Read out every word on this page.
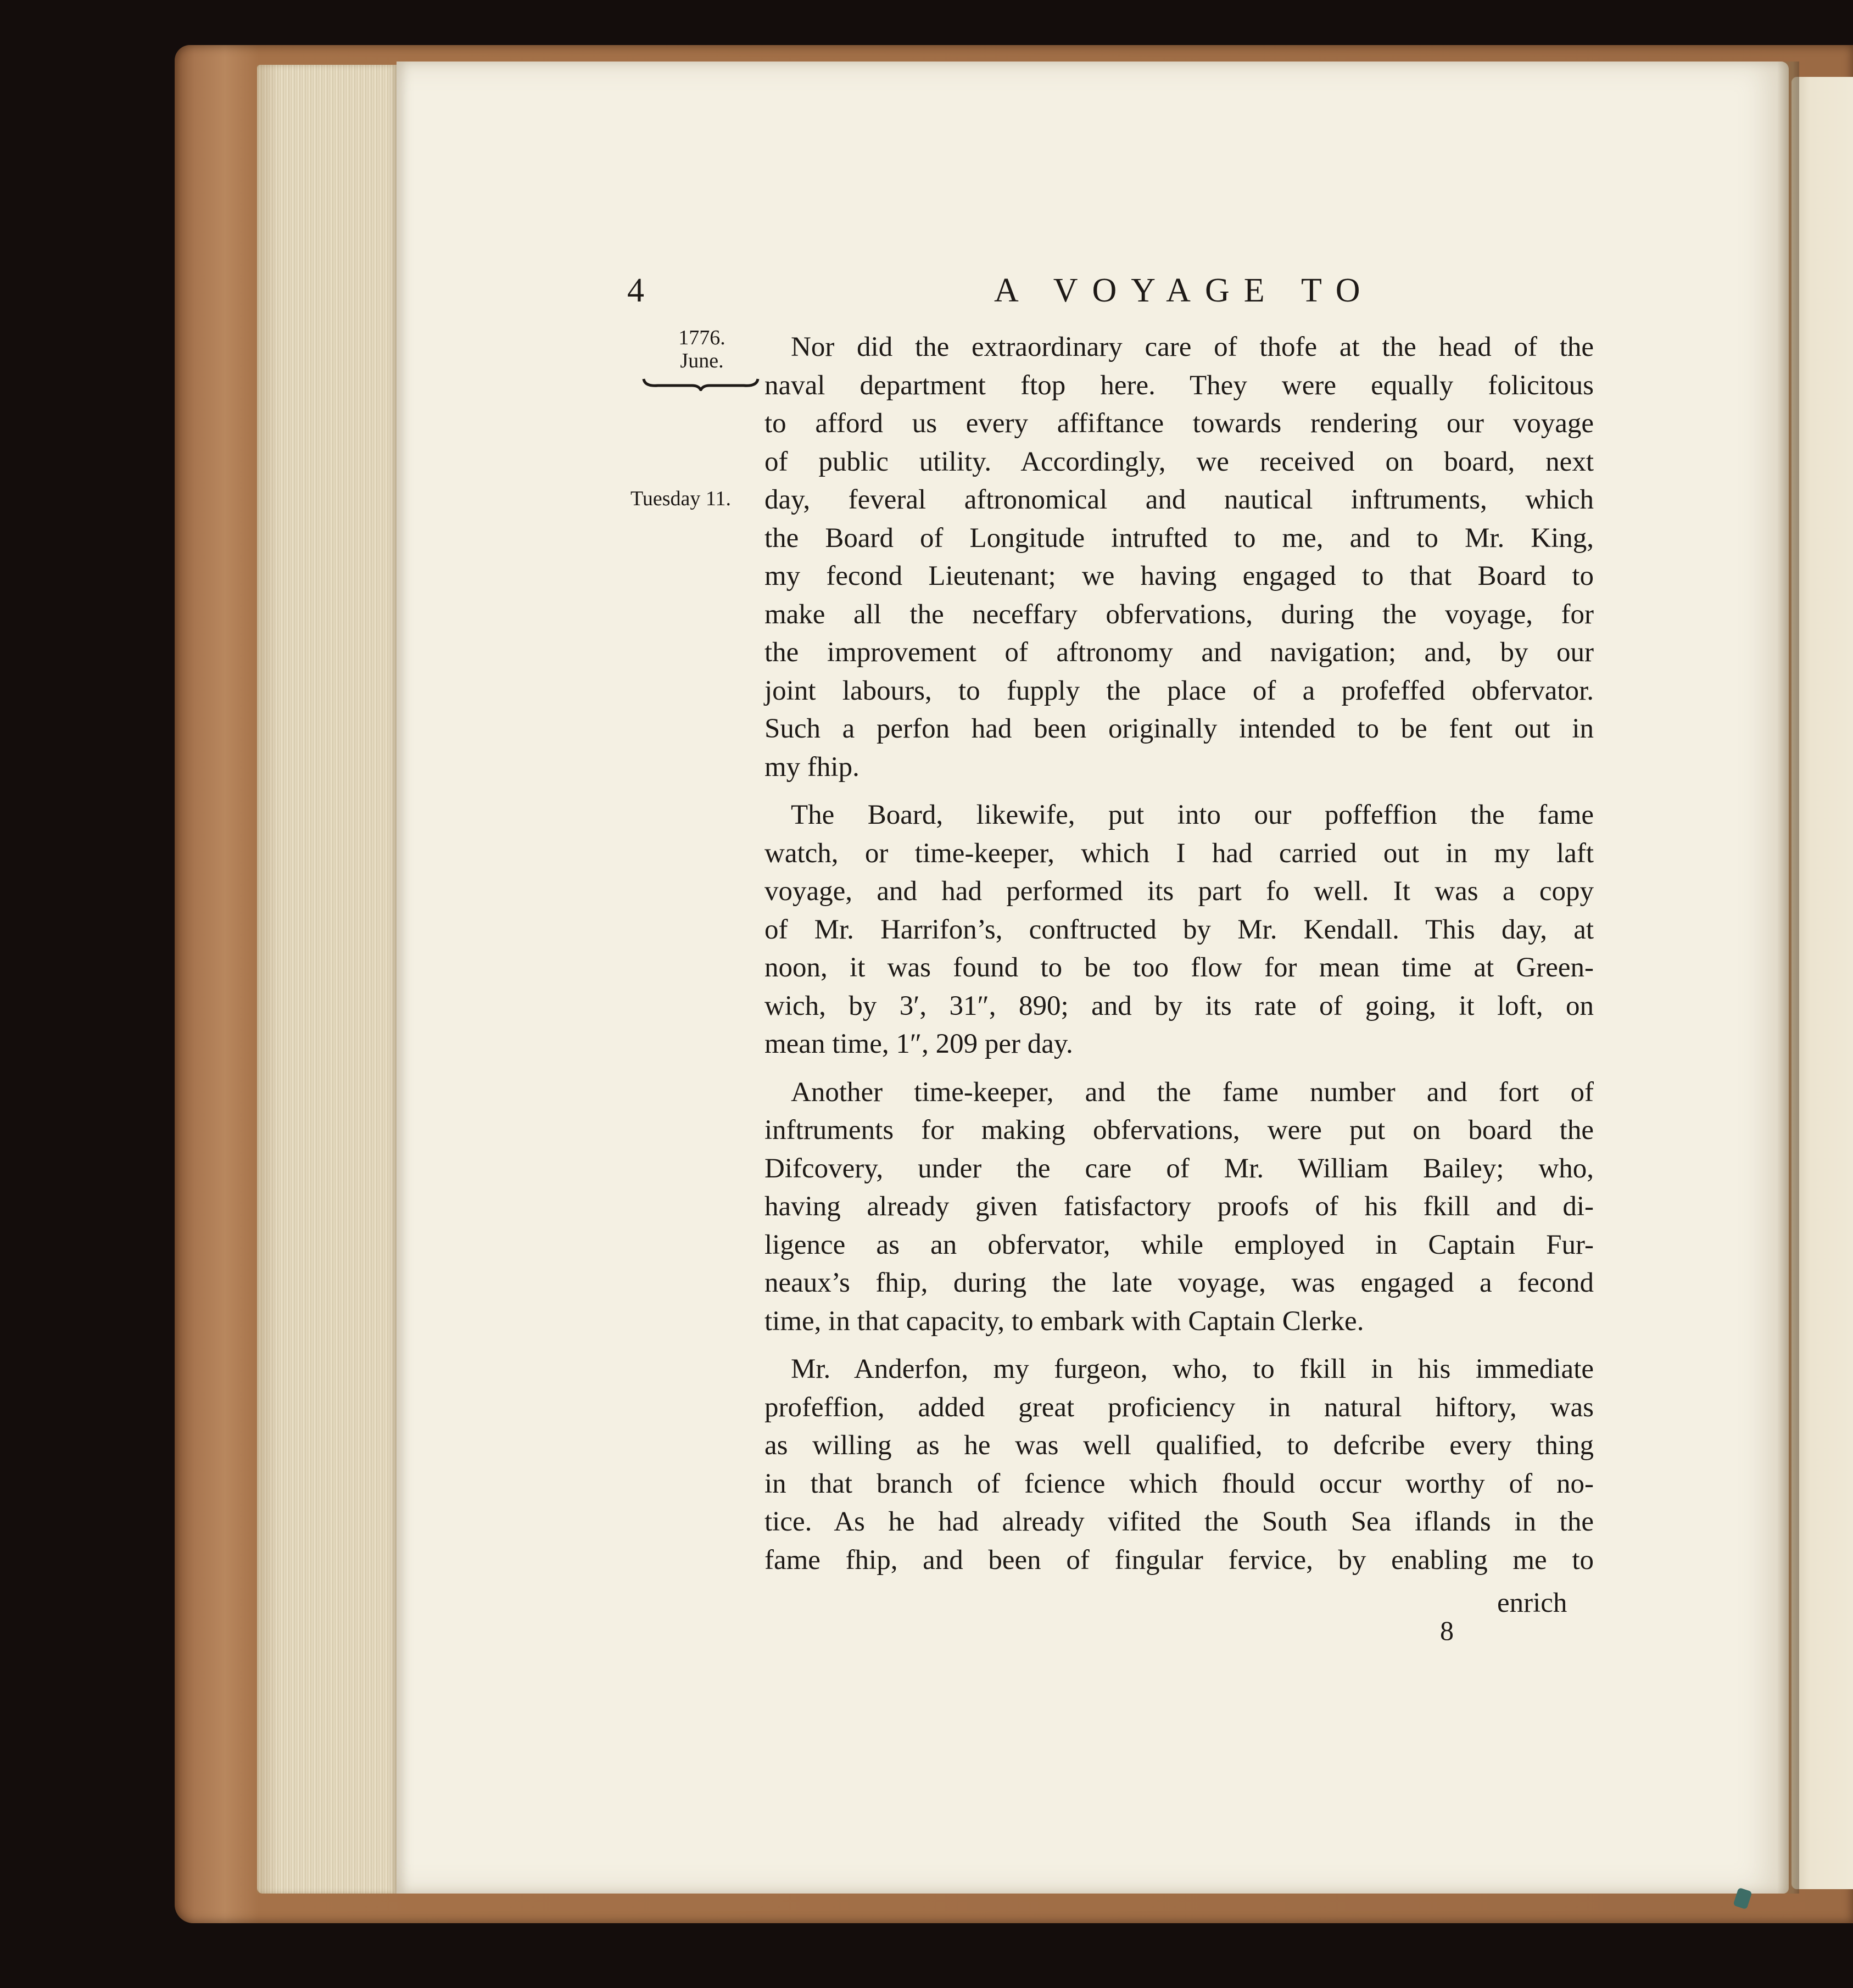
4	A VOYAGE TO
1776.
June.
Tuesday 11.
Nor did the extraordinary care of thofe at the head of the
naval department ftop here. They were equally folicitous
to afford us every affiftance towards rendering our voyage
of public utility. Accordingly, we received on board, next
day, feveral aftronomical and nautical inftruments, which
the Board of Longitude intrufted to me, and to Mr. King,
my fecond Lieutenant; we having engaged to that Board to
make all the neceffary obfervations, during the voyage, for
the improvement of aftronomy and navigation; and, by our
joint labours, to fupply the place of a profeffed obfervator.
Such a perfon had been originally intended to be fent out in
my fhip.
The Board, likewife, put into our poffeffion the fame
watch, or time-keeper, which I had carried out in my laft
voyage, and had performed its part fo well. It was a copy
of Mr. Harrifon’s, conftructed by Mr. Kendall. This day, at
noon, it was found to be too flow for mean time at Green-
wich, by 3′, 31″, 890; and by its rate of going, it loft, on
mean time, 1″, 209 per day.
Another time-keeper, and the fame number and fort of
inftruments for making obfervations, were put on board the
Difcovery, under the care of Mr. William Bailey; who,
having already given fatisfactory proofs of his fkill and di-
ligence as an obfervator, while employed in Captain Fur-
neaux’s fhip, during the late voyage, was engaged a fecond
time, in that capacity, to embark with Captain Clerke.
Mr. Anderfon, my furgeon, who, to fkill in his immediate
profeffion, added great proficiency in natural hiftory, was
as willing as he was well qualified, to defcribe every thing
in that branch of fcience which fhould occur worthy of no-
tice. As he had already vifited the South Sea iflands in the
fame fhip, and been of fingular fervice, by enabling me to
enrich
8
